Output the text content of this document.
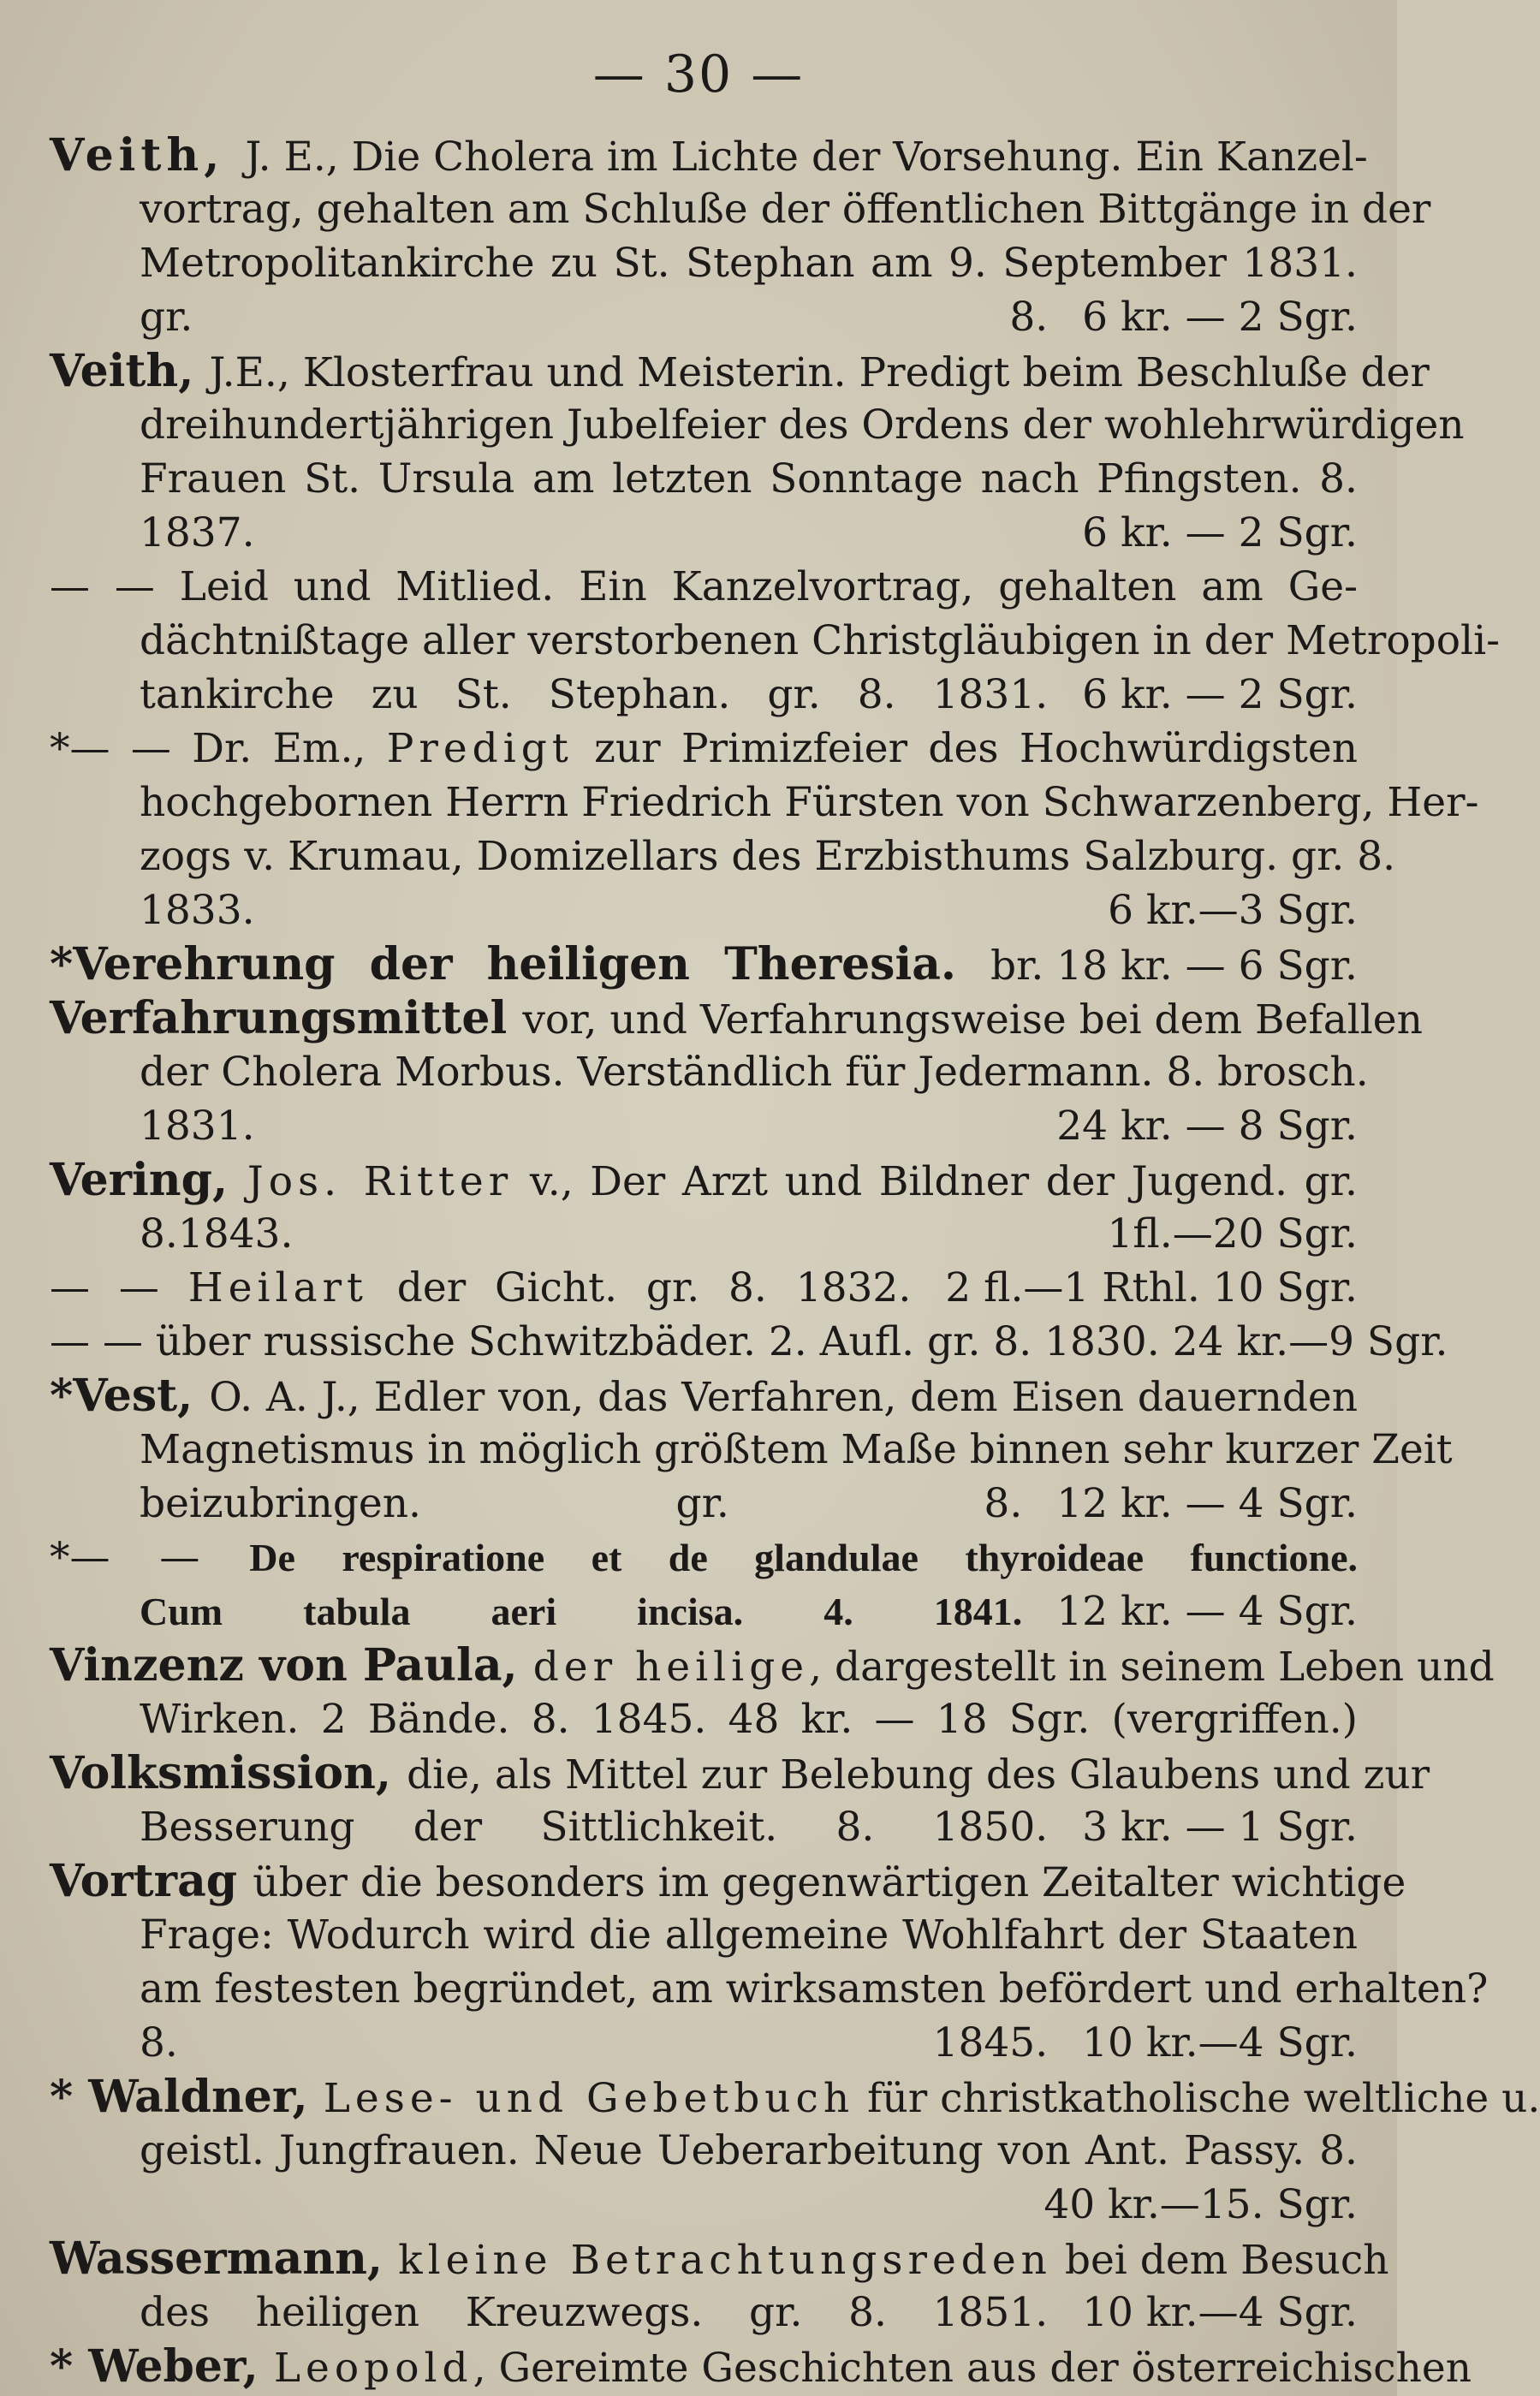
— 30 —
Veith, J. E., Die Cholera im Lichte der Vorsehung. Ein Kanzel-
vortrag, gehalten am Schluße der öffentlichen Bittgänge in der
Metropolitankirche zu St. Stephan am 9. September 1831.
gr. 8. 6 kr. — 2 Sgr.
Veith, J.E., Klosterfrau und Meisterin. Predigt beim Beschluße der
dreihundertjährigen Jubelfeier des Ordens der wohlehrwürdigen
Frauen St. Ursula am letzten Sonntage nach Pfingsten. 8.
1837.	6 kr. — 2 Sgr.
— — Leid und Mitlied. Ein Kanzelvortrag, gehalten am Ge-
dächtnißtage aller verstorbenen Christgläubigen in der Metropoli-
tankirche zu St. Stephan. gr. 8. 1831. 6 kr. — 2 Sgr.
*— — Dr. Em., Predigt zur Primizfeier des Hochwürdigsten
hochgebornen Herrn Friedrich Fürsten von Schwarzenberg, Her-
zogs v. Krumau, Domizellars des Erzbisthums Salzburg. gr. 8.
1833.	6 kr.—3 Sgr.
*Verehrung der heiligen Theresia. br. 18 kr. — 6 Sgr.
Verfahrungsmittel vor, und Verfahrungsweise bei dem Befallen
der Cholera Morbus. Verständlich für Jedermann. 8. brosch.
1831.	24 kr. — 8 Sgr.
Vering, Jos. Ritter v., Der Arzt und Bildner der Jugend. gr.
8.1843.	1fl.—20 Sgr.
— — Heilart der Gicht. gr. 8. 1832. 2 fl.—1 Rthl. 10 Sgr.
— — über russische Schwitzbäder. 2. Aufl. gr. 8. 1830. 24 kr.—9 Sgr.
*Vest, O. A. J., Edler von, das Verfahren, dem Eisen dauernden
Magnetismus in möglich größtem Maße binnen sehr kurzer Zeit
beizubringen. gr. 8. 12 kr. — 4 Sgr.
*— — De respiratione et de glandulae thyroideae functione.
Cum tabula aeri incisa. 4. 1841. 12 kr. — 4 Sgr.
Vinzenz von Paula, der heilige, dargestellt in seinem Leben und
Wirken. 2 Bände. 8. 1845. 48 kr. — 18 Sgr. (vergriffen.)
Volksmission, die, als Mittel zur Belebung des Glaubens und zur
Besserung der Sittlichkeit. 8. 1850. 3 kr. — 1 Sgr.
Vortrag über die besonders im gegenwärtigen Zeitalter wichtige
Frage: Wodurch wird die allgemeine Wohlfahrt der Staaten
am festesten begründet, am wirksamsten befördert und erhalten?
8. 1845. 10 kr.—4 Sgr.
* Waldner, Lese- und Gebetbuch für christkatholische weltliche u.
geistl. Jungfrauen. Neue Ueberarbeitung von Ant. Passy. 8.
40 kr.—15. Sgr.
Wassermann, kleine Betrachtungsreden bei dem Besuch
des heiligen Kreuzwegs. gr. 8. 1851. 10 kr.—4 Sgr.
* Weber, Leopold, Gereimte Geschichten aus der österreichischen
